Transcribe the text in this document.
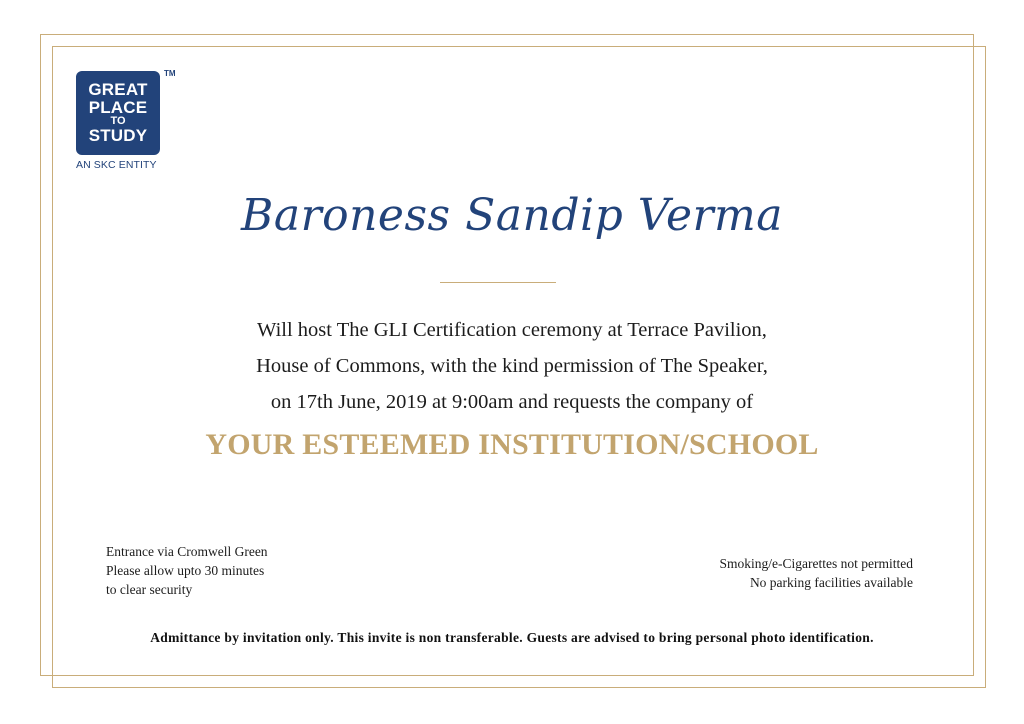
GREAT
PLACE
TO
STUDY
TM
AN SKC ENTITY
Baroness Sandip Verma
Will host The GLI Certification ceremony at Terrace Pavilion,
House of Commons, with the kind permission of The Speaker,
on 17th June, 2019 at 9:00am and requests the company of
YOUR ESTEEMED INSTITUTION/SCHOOL
Entrance via Cromwell Green
Please allow upto 30 minutes
to clear security
Smoking/e-Cigarettes not permitted
No parking facilities available
Admittance by invitation only. This invite is non transferable. Guests are advised to bring personal photo identification.
